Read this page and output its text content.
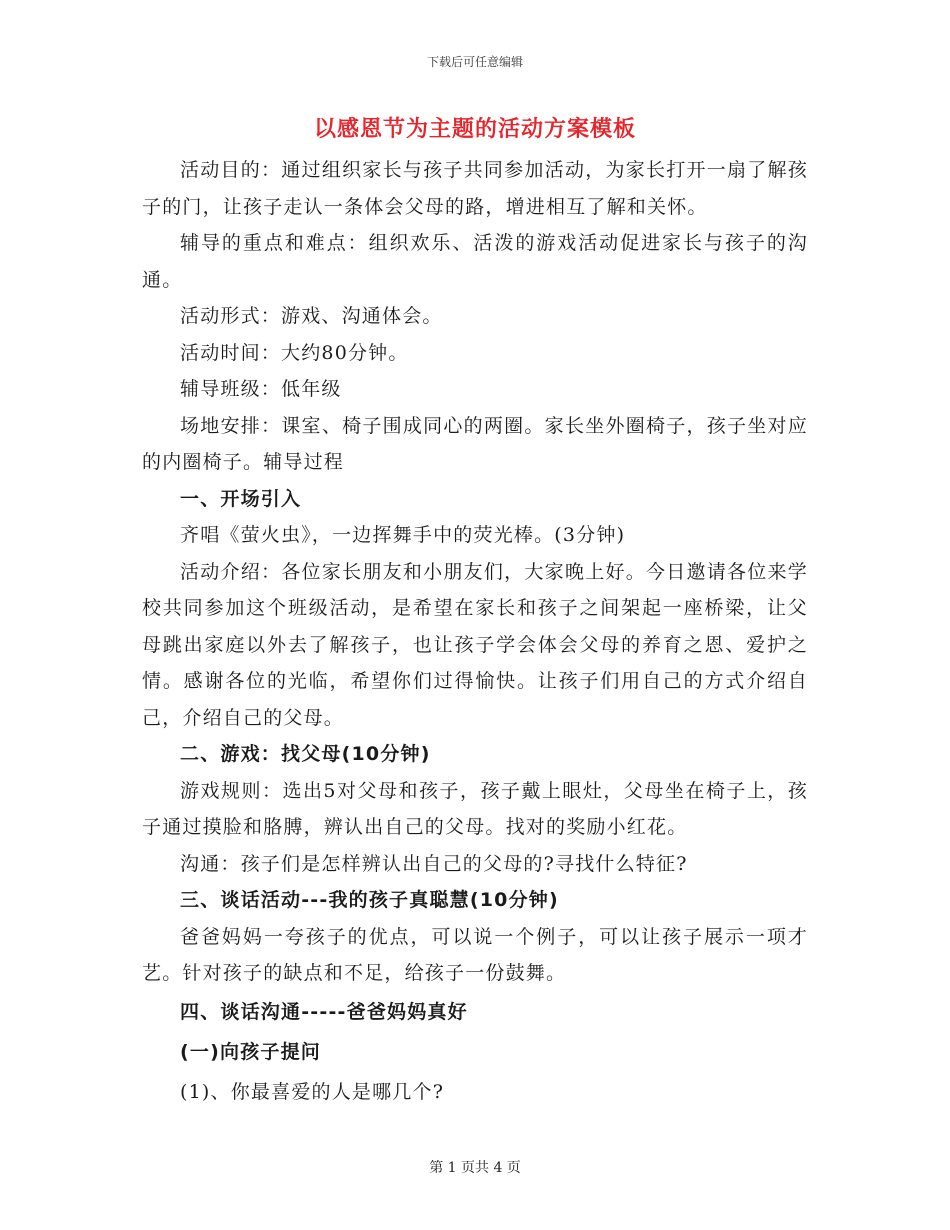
下载后可任意编辑
以感恩节为主题的活动方案模板

活动目的：通过组织家长与孩子共同参加活动，为家长打开一扇了解孩子的门，让孩子走认一条体会父母的路，增进相互了解和关怀。

辅导的重点和难点：组织欢乐、活泼的游戏活动促进家长与孩子的沟通。

活动形式：游戏、沟通体会。

活动时间：大约80分钟。

辅导班级：低年级

场地安排：课室、椅子围成同心的两圈。家长坐外圈椅子，孩子坐对应的内圈椅子。辅导过程

一、开场引入

齐唱《萤火虫》，一边挥舞手中的荧光棒。(3分钟)

活动介绍：各位家长朋友和小朋友们，大家晚上好。今日邀请各位来学校共同参加这个班级活动，是希望在家长和孩子之间架起一座桥梁，让父母跳出家庭以外去了解孩子，也让孩子学会体会父母的养育之恩、爱护之情。感谢各位的光临，希望你们过得愉快。让孩子们用自己的方式介绍自己，介绍自己的父母。

二、游戏：找父母(10分钟)

游戏规则：选出5对父母和孩子，孩子戴上眼灶，父母坐在椅子上，孩子通过摸脸和胳膊，辨认出自己的父母。找对的奖励小红花。

沟通：孩子们是怎样辨认出自己的父母的?寻找什么特征?

三、谈话活动---我的孩子真聪慧(10分钟)

爸爸妈妈一夸孩子的优点，可以说一个例子，可以让孩子展示一项才艺。针对孩子的缺点和不足，给孩子一份鼓舞。

四、谈话沟通-----爸爸妈妈真好

(一)向孩子提问

(1)、你最喜爱的人是哪几个?

第 1 页共 4 页
